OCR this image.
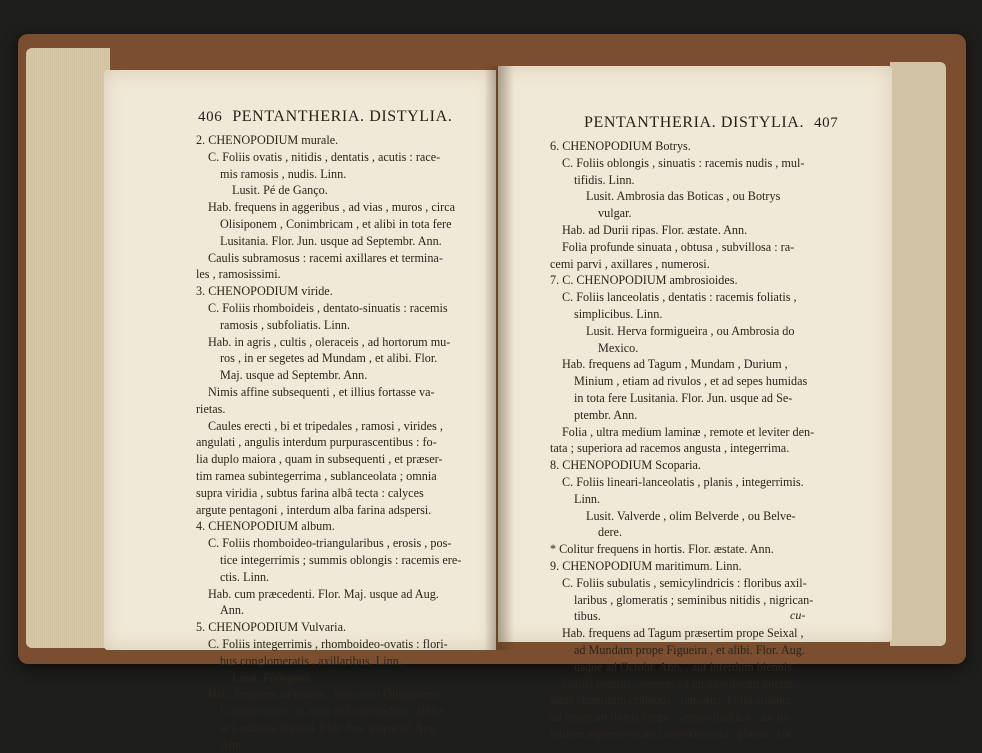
406 PENTANTHERIA. DISTYLIA.
2. CHENOPODIUM murale.
C. Foliis ovatis , nitidis , dentatis , acutis : race-
mis ramosis , nudis. Linn.
Lusit. Pé de Ganço.
Hab. frequens in aggeribus , ad vias , muros , circa
Olisiponem , Conimbricam , et alibi in tota fere
Lusitania. Flor. Jun. usque ad Septembr. Ann.
Caulis subramosus : racemi axillares et termina-
les , ramosissimi.
3. CHENOPODIUM viride.
C. Foliis rhomboideis , dentato-sinuatis : racemis
ramosis , subfoliatis. Linn.
Hab. in agris , cultis , oleraceis , ad hortorum mu-
ros , in er segetes ad Mundam , et alibi. Flor.
Maj. usque ad Septembr. Ann.
Nimis affine subsequenti , et illius fortasse va-
rietas.
Caules erecti , bi et tripedales , ramosi , virides ,
angulati , angulis interdum purpurascentibus : fo-
lia duplo maiora , quam in subsequenti , et præser-
tim ramea subintegerrima , sublanceolata ; omnia
supra viridia , subtus farina albâ tecta : calyces
argute pentagoni , interdum alba farina adspersi.
4. CHENOPODIUM album.
C. Foliis rhomboideo-triangularibus , erosis , pos-
tice integerrimis ; summis oblongis : racemis ere-
ctis. Linn.
Hab. cum præcedenti. Flor. Maj. usque ad Aug.
Ann.
5. CHENOPODIUM Vulvaria.
C. Foliis integerrimis , rhomboideo-ovatis : flori-
bus conglomeratis , axillaribus. Linn.
Lusit. Fédegosa.
Hab. frequens ad muros , vias circa Olisiponem ,
Conimbricam , et alibi in Extremadura , Beira ,
et Lusitania boreali. Flor. Jun. usque ad Aug.
Ann.
PENTANTHERIA. DISTYLIA. 407
6. CHENOPODIUM Botrys.
C. Foliis oblongis , sinuatis : racemis nudis , mul-
tifidis. Linn.
Lusit. Ambrosia das Boticas , ou Botrys
vulgar.
Hab. ad Durii ripas. Flor. æstate. Ann.
Folia profunde sinuata , obtusa , subvillosa : ra-
cemi parvi , axillares , numerosi.
7. C. CHENOPODIUM ambrosioides.
C. Foliis lanceolatis , dentatis : racemis foliatis ,
simplicibus. Linn.
Lusit. Herva formigueira , ou Ambrosia do
Mexico.
Hab. frequens ad Tagum , Mundam , Durium ,
Minium , etiam ad rivulos , et ad sepes humidas
in tota fere Lusitania. Flor. Jun. usque ad Se-
ptembr. Ann.
Folia , ultra medium laminæ , remote et leviter den-
tata ; superiora ad racemos angusta , integerrima.
8. CHENOPODIUM Scoparia.
C. Foliis lineari-lanceolatis , planis , integerrimis.
Linn.
Lusit. Valverde , olim Belverde , ou Belve-
dere.
* Colitur frequens in hortis. Flor. æstate. Ann.
9. CHENOPODIUM maritimum. Linn.
C. Foliis subulatis , semicylindricis : floribus axil-
laribus , glomeratis ; seminibus nitidis , nigrican-
tibus.
Hab. frequens ad Tagum præsertim prope Seixal ,
ad Mundam prope Figueira , et alibi. Flor. Aug.
usque ad Octobr. Ann. , aut interdum biennis.
Caulis erectus , septem ad quatuordecim uncias
altus , interdum obliquus , ramosus. Folia quatuor
ad tredecim lineas longa , semicylindrica , aut in-
terdum superne etiam convexiuscula , glabra , suc-
cu-
